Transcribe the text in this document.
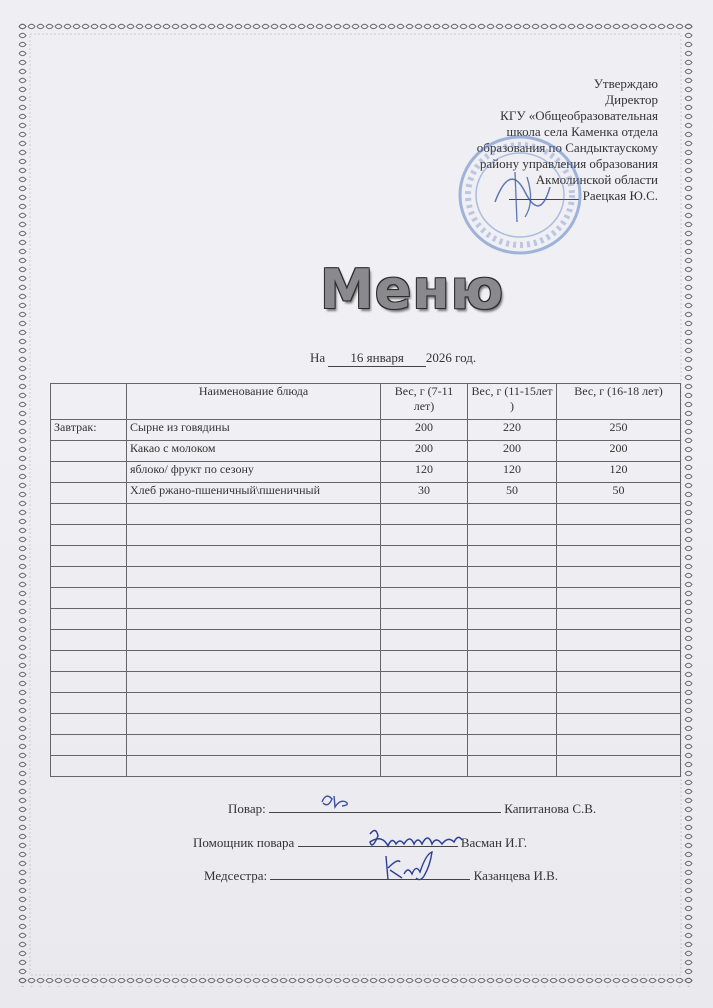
Утверждаю
Директор
КГУ «Общеобразовательная
школа села Каменка отдела
образования по Сандыктаускому
району управления образования
Акмолинской области
Раецкая Ю.С.
Меню
На 16 января 2026 год.
	Наименование блюда	Вес, г (7-11 лет)	Вес, г (11-15лет )	Вес, г (16-18 лет)
Завтрак:	Сырне из говядины	200	220	250
	Какао с молоком	200	200	200
	яблоко/ фрукт по сезону	120	120	120
	Хлеб ржано-пшеничный\пшеничный	30	50	50

Повар:	Капитанова С.В.
Помощник повара	Васман И.Г.
Медсестра:	Казанцева И.В.
